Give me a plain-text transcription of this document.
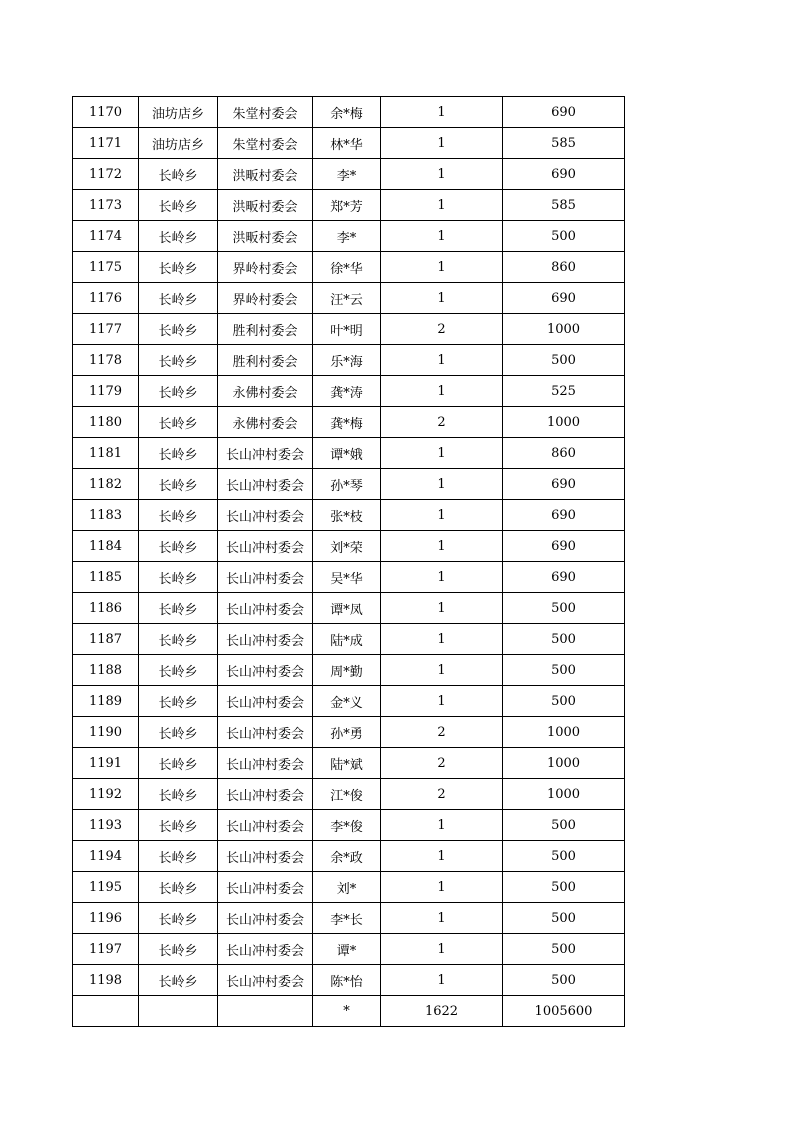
1170	油坊店乡	朱堂村委会	余*梅	1	690
1171	油坊店乡	朱堂村委会	林*华	1	585
1172	长岭乡	洪畈村委会	李*	1	690
1173	长岭乡	洪畈村委会	郑*芳	1	585
1174	长岭乡	洪畈村委会	李*	1	500
1175	长岭乡	界岭村委会	徐*华	1	860
1176	长岭乡	界岭村委会	汪*云	1	690
1177	长岭乡	胜利村委会	叶*明	2	1000
1178	长岭乡	胜利村委会	乐*海	1	500
1179	长岭乡	永佛村委会	龚*涛	1	525
1180	长岭乡	永佛村委会	龚*梅	2	1000
1181	长岭乡	长山冲村委会	谭*娥	1	860
1182	长岭乡	长山冲村委会	孙*琴	1	690
1183	长岭乡	长山冲村委会	张*枝	1	690
1184	长岭乡	长山冲村委会	刘*荣	1	690
1185	长岭乡	长山冲村委会	吴*华	1	690
1186	长岭乡	长山冲村委会	谭*凤	1	500
1187	长岭乡	长山冲村委会	陆*成	1	500
1188	长岭乡	长山冲村委会	周*勤	1	500
1189	长岭乡	长山冲村委会	金*义	1	500
1190	长岭乡	长山冲村委会	孙*勇	2	1000
1191	长岭乡	长山冲村委会	陆*斌	2	1000
1192	长岭乡	长山冲村委会	江*俊	2	1000
1193	长岭乡	长山冲村委会	李*俊	1	500
1194	长岭乡	长山冲村委会	余*政	1	500
1195	长岭乡	长山冲村委会	刘*	1	500
1196	长岭乡	长山冲村委会	李*长	1	500
1197	长岭乡	长山冲村委会	谭*	1	500
1198	长岭乡	长山冲村委会	陈*怡	1	500
			*	1622	1005600
